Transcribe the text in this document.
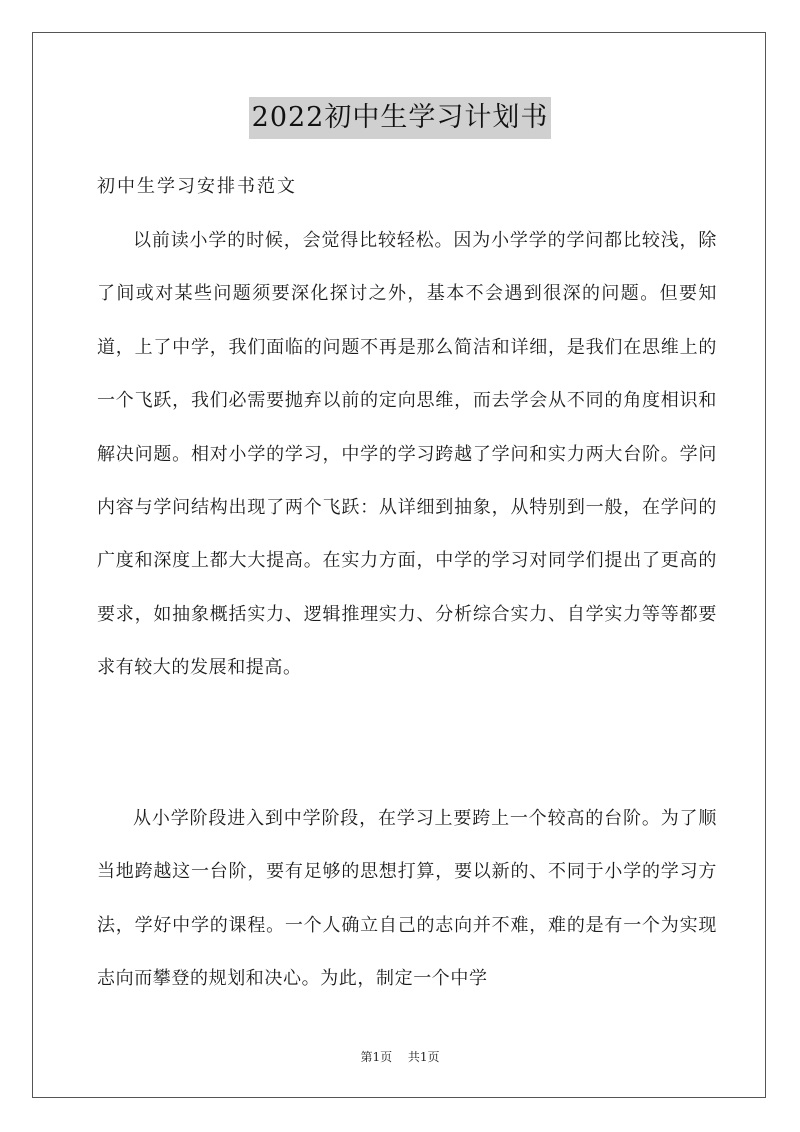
2022初中生学习计划书
初中生学习安排书范文

以前读小学的时候，会觉得比较轻松。因为小学学的学问都比较浅，除了间或对某些问题须要深化探讨之外，基本不会遇到很深的问题。但要知道，上了中学，我们面临的问题不再是那么简洁和详细，是我们在思维上的一个飞跃，我们必需要抛弃以前的定向思维，而去学会从不同的角度相识和解决问题。相对小学的学习，中学的学习跨越了学问和实力两大台阶。学问内容与学问结构出现了两个飞跃：从详细到抽象，从特别到一般，在学问的广度和深度上都大大提高。在实力方面，中学的学习对同学们提出了更高的要求，如抽象概括实力、逻辑推理实力、分析综合实力、自学实力等等都要求有较大的发展和提高。

从小学阶段进入到中学阶段，在学习上要跨上一个较高的台阶。为了顺当地跨越这一台阶，要有足够的思想打算，要以新的、不同于小学的学习方法，学好中学的课程。一个人确立自己的志向并不难，难的是有一个为实现志向而攀登的规划和决心。为此，制定一个中学

第1页 共1页
